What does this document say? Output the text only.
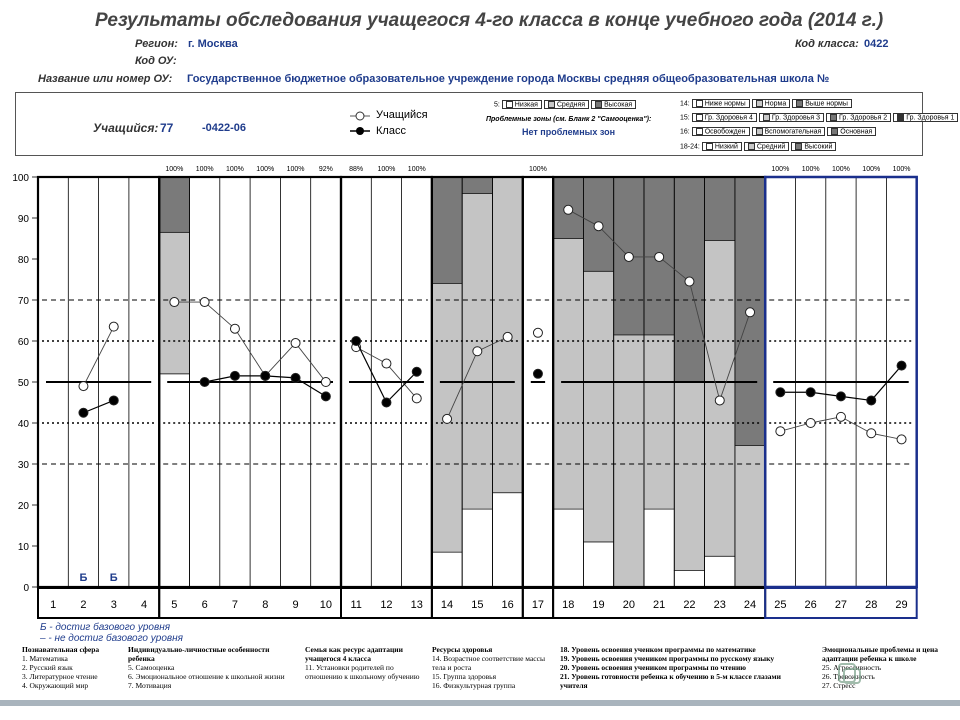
Результаты обследования учащегося 4-го класса в конце учебного года (2014 г.)
Регион: г. Москва	Код класса: 0422
Код ОУ:
Название или номер ОУ: Государственное бюджетное образовательное учреждение города Москвы средняя общеобразовательная школа №
Учащийся: 77	-0422-06
Учащийся
Класс
5: Низкая	Средняя	Высокая
Проблемные зоны (см. Бланк 2 "Самооценка"):
Нет проблемных зон
14: Ниже нормы	Норма	Выше нормы
15: Гр. Здоровья 4	Гр. Здоровья 3	Гр. Здоровья 2	Гр. Здоровья 1
16: Освобожден	Вспомогательная	Основная
18-24: Низкий	Средний	Высокий
0
10
20
30
40
50
60
70
80
90
100
100% 100% 100% 100% 100% 92% 88% 100% 100%	100%	100% 100% 100% 100% 100%
1 2 3 4 5 6 7 8 9 10 11 12 13 14 15 16 17 18 19 20 21 22 23 24 25 26 27 28 29
Б Б
Б - достиг базового уровня
– - не достиг базового уровня
Познавательная сфера
1. Математика
2. Русский язык
3. Литературное чтение
4. Окружающий мир
Индивидуально-личностные особенности ребенка
5. Самооценка
6. Эмоциональное отношение к школьной жизни
7. Мотивация
Семья как ресурс адаптации учащегося 4 класса
11. Установки родителей по отношению к школьному обучению
Ресурсы здоровья
14. Возрастное соответствие массы тела и роста
15. Группа здоровья
16. Физкультурная группа
18. Уровень освоения ученком программы по математике
19. Уровень освоения учеником программы по русскому языку
20. Уровень освоения учеником программы по чтению
21. Уровень готовности ребенка к обучению в 5-м классе глазами учителя
Эмоциональные проблемы и цена адаптации ребенка к школе
25. Агрессивность
26. Тревожность
27. Стресс
